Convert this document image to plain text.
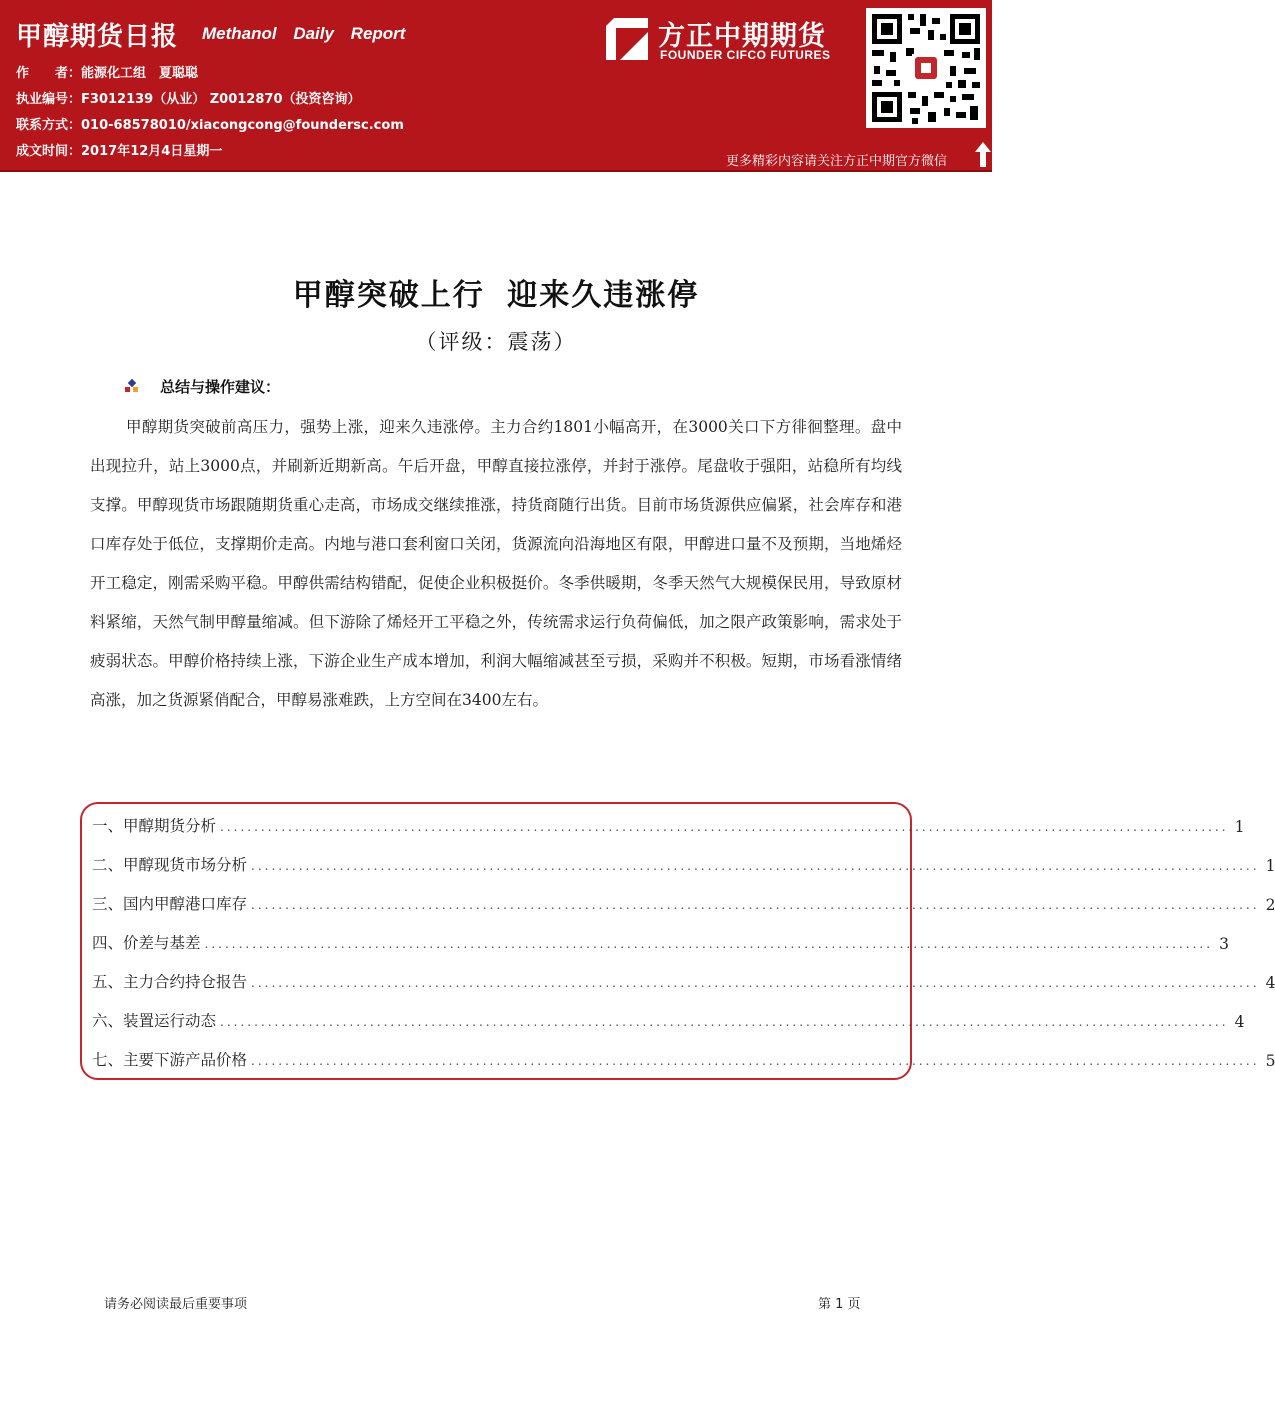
甲醇期货日报 Methanol Daily Report
作　　者：能源化工组　夏聪聪
执业编号：F3012139（从业） Z0012870（投资咨询）
联系方式：010-68578010/xiacongcong@foundersc.com
成文时间：2017年12月4日星期一
方正中期期货
FOUNDER CIFCO FUTURES
更多精彩内容请关注方正中期官方微信
甲醇突破上行 迎来久违涨停
（评级：震荡）
总结与操作建议：
甲醇期货突破前高压力，强势上涨，迎来久违涨停。主力合约1801小幅高开，在3000关口下方徘徊整理。盘中出现拉升，站上3000点，并刷新近期新高。午后开盘，甲醇直接拉涨停，并封于涨停。尾盘收于强阳，站稳所有均线支撑。甲醇现货市场跟随期货重心走高，市场成交继续推涨，持货商随行出货。目前市场货源供应偏紧，社会库存和港口库存处于低位，支撑期价走高。内地与港口套利窗口关闭，货源流向沿海地区有限，甲醇进口量不及预期，当地烯烃开工稳定，刚需采购平稳。甲醇供需结构错配，促使企业积极挺价。冬季供暖期，冬季天然气大规模保民用，导致原材料紧缩，天然气制甲醇量缩减。但下游除了烯烃开工平稳之外，传统需求运行负荷偏低，加之限产政策影响，需求处于疲弱状态。甲醇价格持续上涨，下游企业生产成本增加，利润大幅缩减甚至亏损，采购并不积极。短期，市场看涨情绪高涨，加之货源紧俏配合，甲醇易涨难跌，上方空间在3400左右。
一、甲醇期货分析 .................................................................................................................................................... 1
二、甲醇现货市场分析 .................................................................................................................................................... 1
三、国内甲醇港口库存 .................................................................................................................................................... 2
四、价差与基差 .................................................................................................................................................... 3
五、主力合约持仓报告 .................................................................................................................................................... 4
六、装置运行动态 .................................................................................................................................................... 4
七、主要下游产品价格 .................................................................................................................................................... 5
请务必阅读最后重要事项	第 1 页
